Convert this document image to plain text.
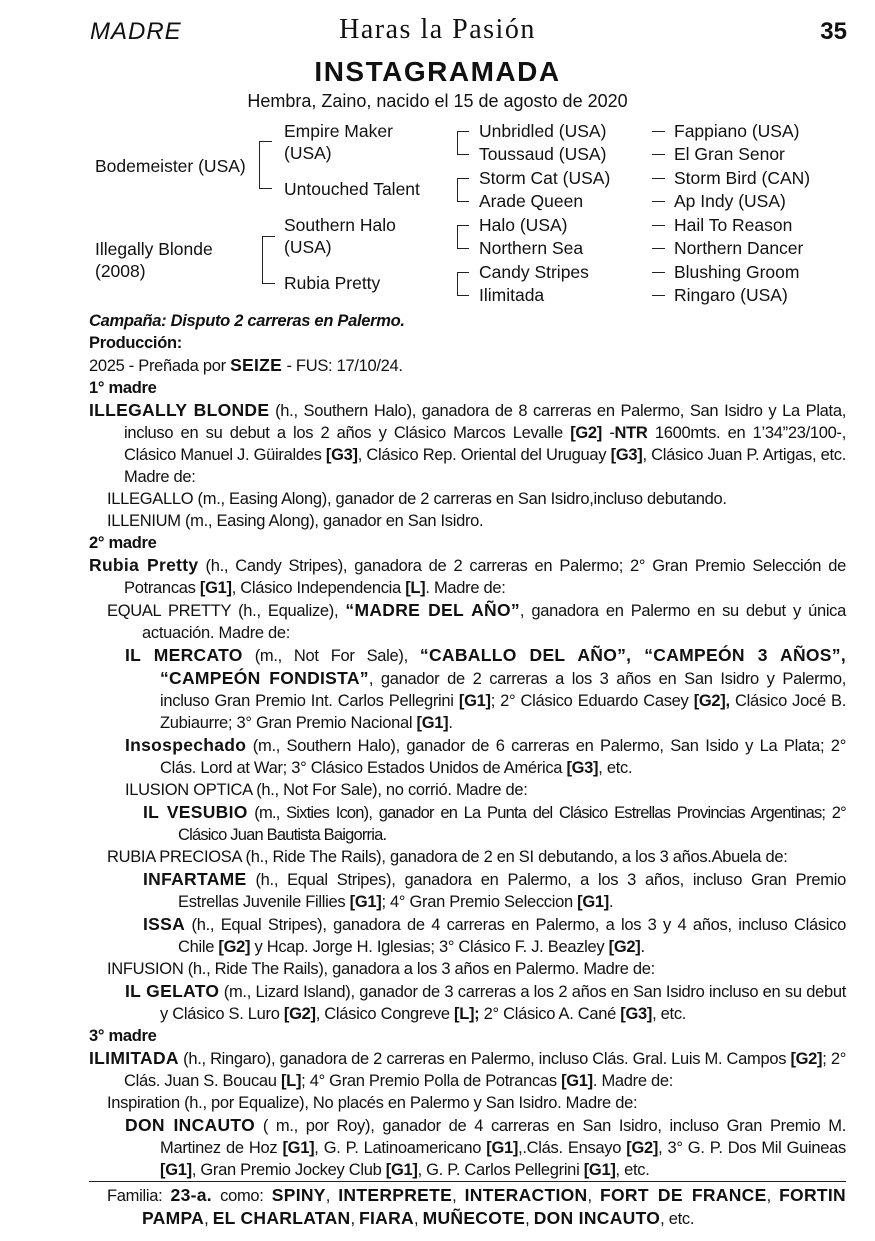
MADRE	Haras la Pasión	35
INSTAGRAMADA
Hembra, Zaino, nacido el 15 de agosto de 2020
Bodemeister (USA)
Illegally Blonde
(2008)
Empire Maker
(USA)
Untouched Talent
Southern Halo
(USA)
Rubia Pretty
Unbridled (USA)
Toussaud (USA)
Storm Cat (USA)
Arade Queen
Halo (USA)
Northern Sea
Candy Stripes
Ilimitada
Fappiano (USA)
El Gran Senor
Storm Bird (CAN)
Ap Indy (USA)
Hail To Reason
Northern Dancer
Blushing Groom
Ringaro (USA)

Campaña: Disputo 2 carreras en Palermo.

Producción:

2025 - Preñada por SEIZE - FUS: 17/10/24.

1° madre

ILLEGALLY BLONDE (h., Southern Halo), ganadora de 8 carreras en Palermo, San Isidro y La Plata, incluso en su debut a los 2 años y Clásico Marcos Levalle [G2] -NTR 1600mts. en 1’34”23/100-, Clásico Manuel J. Güiraldes [G3], Clásico Rep. Oriental del Uruguay [G3], Clásico Juan P. Artigas, etc. Madre de:

ILLEGALLO (m., Easing Along), ganador de 2 carreras en San Isidro,incluso debutando.

ILLENIUM (m., Easing Along), ganador en San Isidro.

2° madre

Rubia Pretty (h., Candy Stripes), ganadora de 2 carreras en Palermo; 2° Gran Premio Selección de Potrancas [G1], Clásico Independencia [L]. Madre de:

EQUAL PRETTY (h., Equalize), “MADRE DEL AÑO”, ganadora en Palermo en su debut y única actuación. Madre de:

IL MERCATO (m., Not For Sale), “CABALLO DEL AÑO”, “CAMPEÓN 3 AÑOS”, “CAMPEÓN FONDISTA”, ganador de 2 carreras a los 3 años en San Isidro y Palermo, incluso Gran Premio Int. Carlos Pellegrini [G1]; 2° Clásico Eduardo Casey [G2], Clásico Jocé B. Zubiaurre; 3° Gran Premio Nacional [G1].

Insospechado (m., Southern Halo), ganador de 6 carreras en Palermo, San Isido y La Plata; 2° Clás. Lord at War; 3° Clásico Estados Unidos de América [G3], etc.

ILUSION OPTICA (h., Not For Sale), no corrió. Madre de:

IL VESUBIO (m., Sixties Icon), ganador en La Punta del Clásico Estrellas Provincias Argentinas; 2° Clásico Juan Bautista Baigorria.

RUBIA PRECIOSA (h., Ride The Rails), ganadora de 2 en SI debutando, a los 3 años.Abuela de:

INFARTAME (h., Equal Stripes), ganadora en Palermo, a los 3 años, incluso Gran Premio Estrellas Juvenile Fillies [G1]; 4° Gran Premio Seleccion [G1].

ISSA (h., Equal Stripes), ganadora de 4 carreras en Palermo, a los 3 y 4 años, incluso Clásico Chile [G2] y Hcap. Jorge H. Iglesias; 3° Clásico F. J. Beazley [G2].

INFUSION (h., Ride The Rails), ganadora a los 3 años en Palermo. Madre de:

IL GELATO (m., Lizard Island), ganador de 3 carreras a los 2 años en San Isidro incluso en su debut y Clásico S. Luro [G2], Clásico Congreve [L]; 2° Clásico A. Cané [G3], etc.

3° madre

ILIMITADA (h., Ringaro), ganadora de 2 carreras en Palermo, incluso Clás. Gral. Luis M. Campos [G2]; 2° Clás. Juan S. Boucau [L]; 4° Gran Premio Polla de Potrancas [G1]. Madre de:

Inspiration (h., por Equalize), No placés en Palermo y San Isidro. Madre de:

DON INCAUTO ( m., por Roy), ganador de 4 carreras en San Isidro, incluso Gran Premio M. Martinez de Hoz [G1], G. P. Latinoamericano [G1],.Clás. Ensayo [G2], 3° G. P. Dos Mil Guineas [G1], Gran Premio Jockey Club [G1], G. P. Carlos Pellegrini [G1], etc.

Familia: 23-a. como: SPINY, INTERPRETE, INTERACTION, FORT DE FRANCE, FORTIN PAMPA, EL CHARLATAN, FIARA, MUÑECOTE, DON INCAUTO, etc.
